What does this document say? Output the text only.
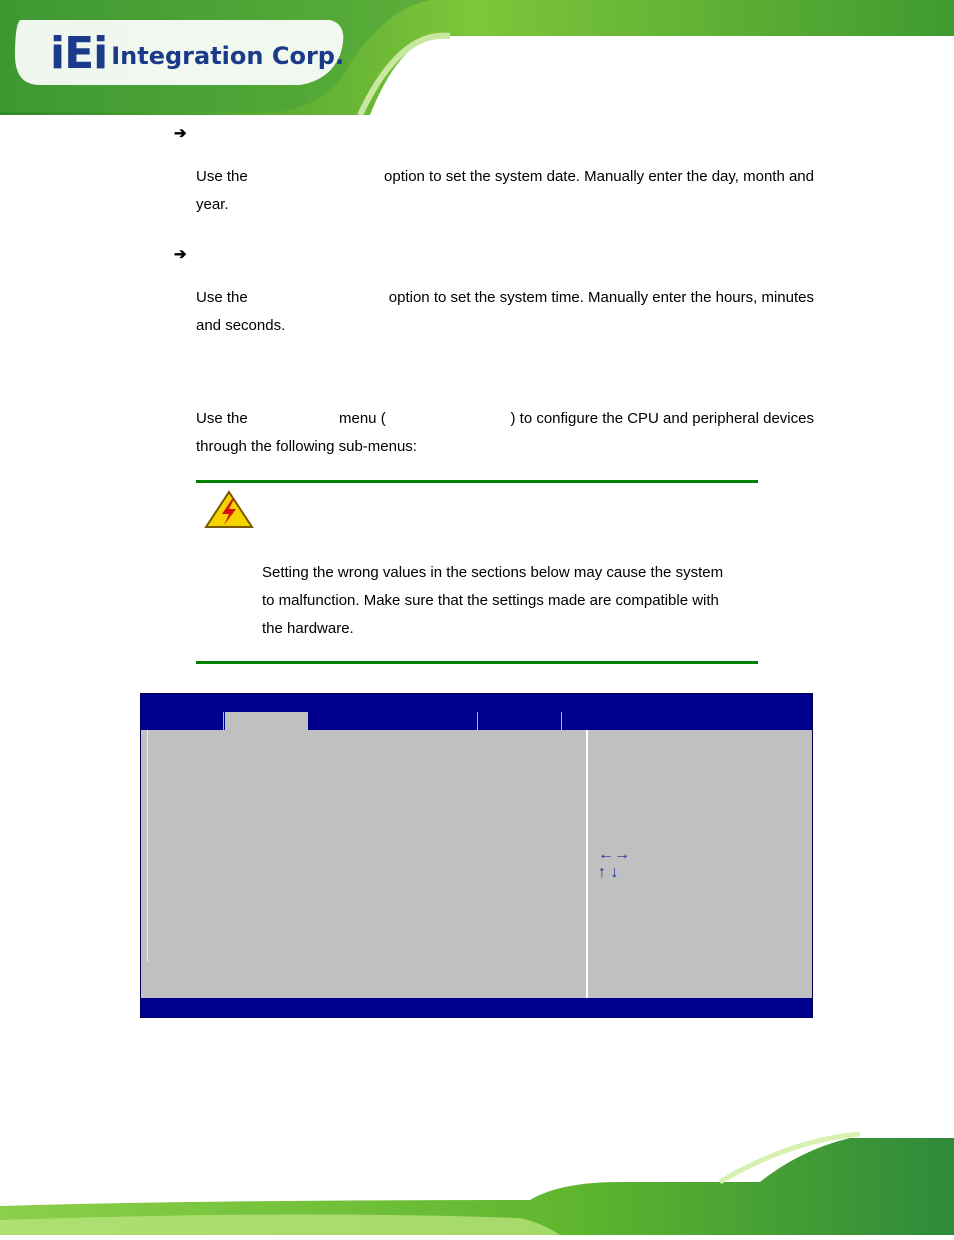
iEi Integration Corp.
➔
Use the	option to set the system date. Manually enter the day, month and
year.
➔
Use the	option to set the system time. Manually enter the hours, minutes
and seconds.
Use the	menu (	) to configure the CPU and peripheral devices
through the following sub-menus:
Setting the wrong values in the sections below may cause the system
to malfunction. Make sure that the settings made are compatible with
the hardware.
←→
↑ ↓
